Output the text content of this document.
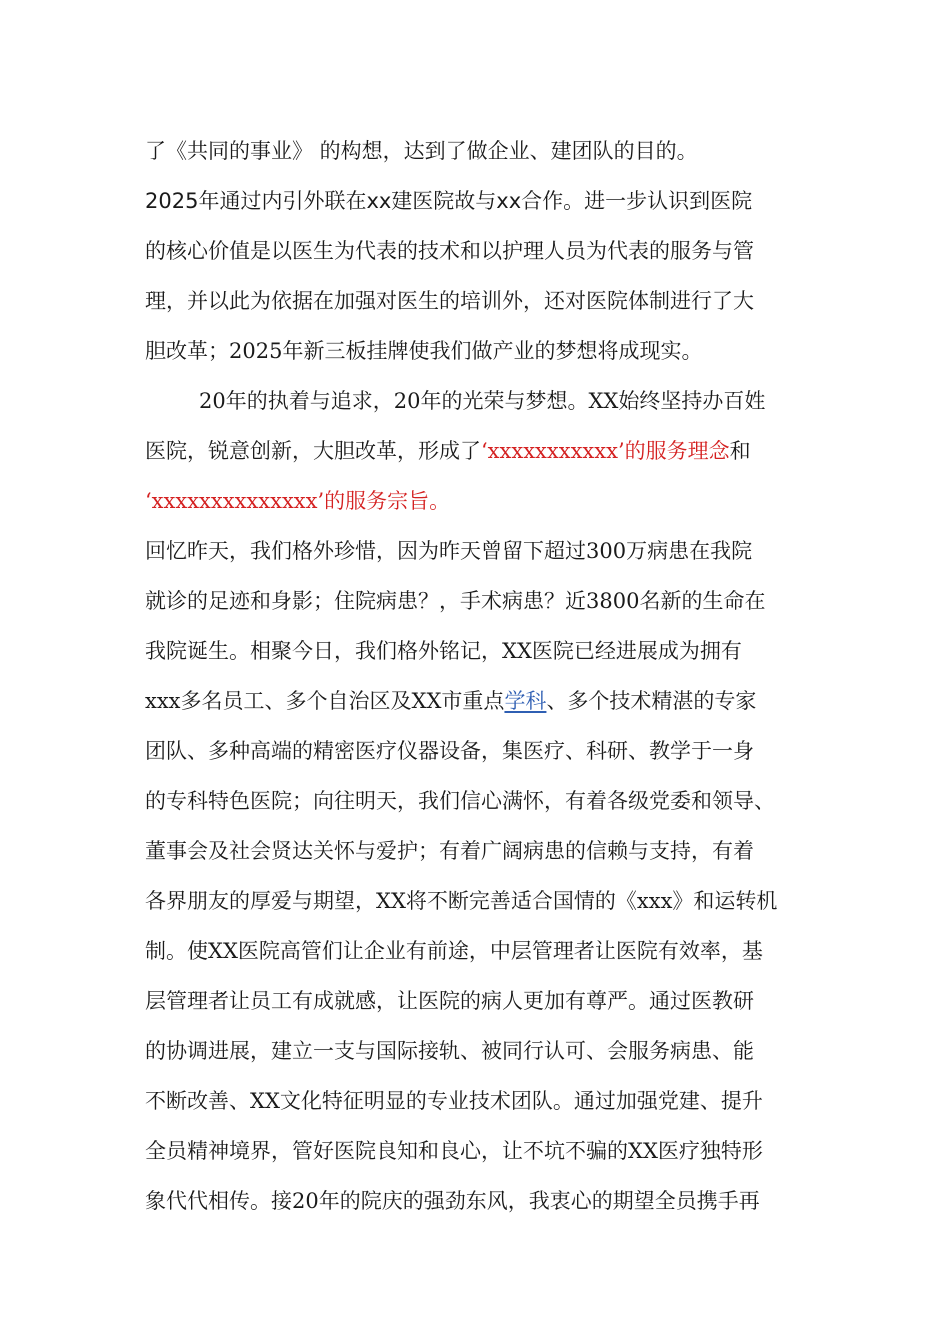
了《共同的事业》 的构想，达到了做企业、建团队的目的。
2025年通过内引外联在xx建医院故与xx合作。进一步认识到医院
的核心价值是以医生为代表的技术和以护理人员为代表的服务与管
理，并以此为依据在加强对医生的培训外，还对医院体制进行了大
胆改革；2025年新三板挂牌使我们做产业的梦想将成现实。
20年的执着与追求，20年的光荣与梦想。XX始终坚持办百姓
医院，锐意创新，大胆改革，形成了‘xxxxxxxxxxx’的服务理念和
‘xxxxxxxxxxxxxx’的服务宗旨。
回忆昨天，我们格外珍惜，因为昨天曾留下超过300万病患在我院
就诊的足迹和身影；住院病患？，手术病患？近3800名新的生命在
我院诞生。相聚今日，我们格外铭记，XX医院已经进展成为拥有
xxx多名员工、多个自治区及XX市重点学科、多个技术精湛的专家
团队、多种高端的精密医疗仪器设备，集医疗、科研、教学于一身
的专科特色医院；向往明天，我们信心满怀，有着各级党委和领导、
董事会及社会贤达关怀与爱护；有着广阔病患的信赖与支持，有着
各界朋友的厚爱与期望，XX将不断完善适合国情的《xxx》和运转机
制。使XX医院高管们让企业有前途，中层管理者让医院有效率，基
层管理者让员工有成就感，让医院的病人更加有尊严。通过医教研
的协调进展，建立一支与国际接轨、被同行认可、会服务病患、能
不断改善、XX文化特征明显的专业技术团队。通过加强党建、提升
全员精神境界，管好医院良知和良心，让不坑不骗的XX医疗独特形
象代代相传。接20年的院庆的强劲东风，我衷心的期望全员携手再
